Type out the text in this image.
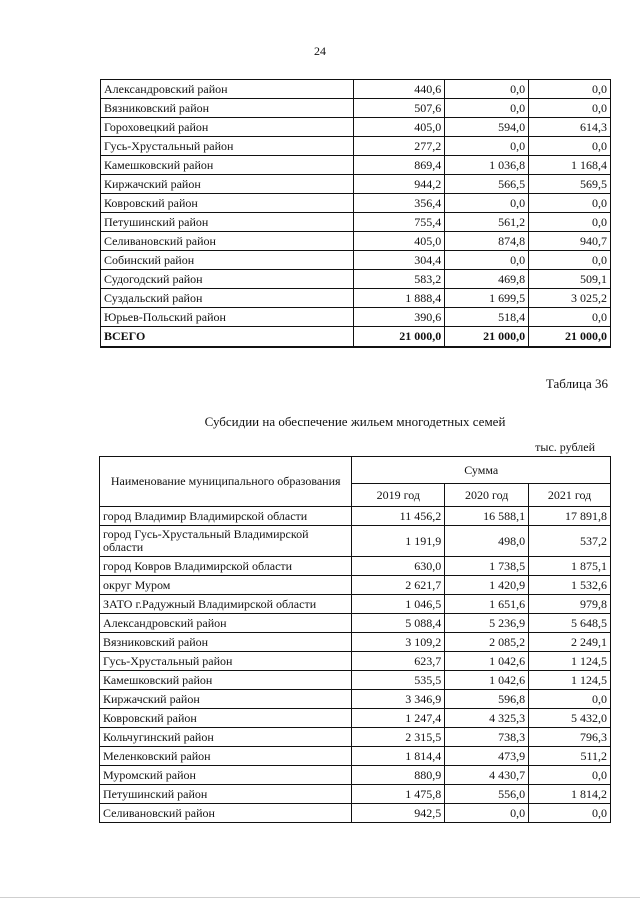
24
Александровский район	440,6	0,0	0,0
Вязниковский район	507,6	0,0	0,0
Гороховецкий район	405,0	594,0	614,3
Гусь-Хрустальный район	277,2	0,0	0,0
Камешковский район	869,4	1 036,8	1 168,4
Киржачский район	944,2	566,5	569,5
Ковровский район	356,4	0,0	0,0
Петушинский район	755,4	561,2	0,0
Селивановский район	405,0	874,8	940,7
Собинский район	304,4	0,0	0,0
Судогодский район	583,2	469,8	509,1
Суздальский район	1 888,4	1 699,5	3 025,2
Юрьев-Польский район	390,6	518,4	0,0
ВСЕГО	21 000,0	21 000,0	21 000,0
Таблица 36
Субсидии на обеспечение жильем многодетных семей
тыс. рублей
Наименование муниципального образования	Сумма		
	2019 год	2020 год	2021 год
город Владимир Владимирской области	11 456,2	16 588,1	17 891,8
город Гусь-Хрустальный Владимирской области	1 191,9	498,0	537,2
город Ковров Владимирской области	630,0	1 738,5	1 875,1
округ Муром	2 621,7	1 420,9	1 532,6
ЗАТО г.Радужный Владимирской области	1 046,5	1 651,6	979,8
Александровский район	5 088,4	5 236,9	5 648,5
Вязниковский район	3 109,2	2 085,2	2 249,1
Гусь-Хрустальный район	623,7	1 042,6	1 124,5
Камешковский район	535,5	1 042,6	1 124,5
Киржачский район	3 346,9	596,8	0,0
Ковровский район	1 247,4	4 325,3	5 432,0
Кольчугинский район	2 315,5	738,3	796,3
Меленковский район	1 814,4	473,9	511,2
Муромский район	880,9	4 430,7	0,0
Петушинский район	1 475,8	556,0	1 814,2
Селивановский район	942,5	0,0	0,0
